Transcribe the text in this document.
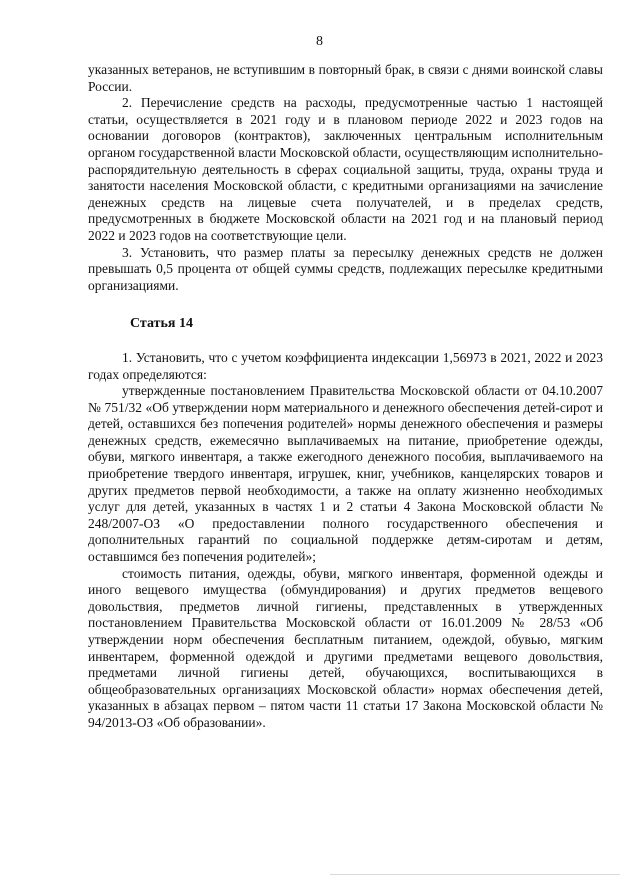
8

указанных ветеранов, не вступившим в повторный брак, в связи с днями воинской славы России.

2. Перечисление средств на расходы, предусмотренные частью 1 настоящей статьи, осуществляется в 2021 году и в плановом периоде 2022 и 2023 годов на основании договоров (контрактов), заключенных центральным исполнительным органом государственной власти Московской области, осуществляющим исполнительно-распорядительную деятельность в сферах социальной защиты, труда, охраны труда и занятости населения Московской области, с кредитными организациями на зачисление денежных средств на лицевые счета получателей, и в пределах средств, предусмотренных в бюджете Московской области на 2021 год и на плановый период 2022 и 2023 годов на соответствующие цели.

3. Установить, что размер платы за пересылку денежных средств не должен превышать 0,5 процента от общей суммы средств, подлежащих пересылке кредитными организациями.

Статья 14

1. Установить, что с учетом коэффициента индексации 1,56973 в 2021, 2022 и 2023 годах определяются:

утвержденные постановлением Правительства Московской области от 04.10.2007 № 751/32 «Об утверждении норм материального и денежного обеспечения детей-сирот и детей, оставшихся без попечения родителей» нормы денежного обеспечения и размеры денежных средств, ежемесячно выплачиваемых на питание, приобретение одежды, обуви, мягкого инвентаря, а также ежегодного денежного пособия, выплачиваемого на приобретение твердого инвентаря, игрушек, книг, учебников, канцелярских товаров и других предметов первой необходимости, а также на оплату жизненно необходимых услуг для детей, указанных в частях 1 и 2 статьи 4 Закона Московской области № 248/2007-ОЗ «О предоставлении полного государственного обеспечения и дополнительных гарантий по социальной поддержке детям-сиротам и детям, оставшимся без попечения родителей»;

стоимость питания, одежды, обуви, мягкого инвентаря, форменной одежды и иного вещевого имущества (обмундирования) и других предметов вещевого довольствия, предметов личной гигиены, представленных в утвержденных постановлением Правительства Московской области от 16.01.2009 № 28/53 «Об утверждении норм обеспечения бесплатным питанием, одеждой, обувью, мягким инвентарем, форменной одеждой и другими предметами вещевого довольствия, предметами личной гигиены детей, обучающихся, воспитывающихся в общеобразовательных организациях Московской области» нормах обеспечения детей, указанных в абзацах первом – пятом части 11 статьи 17 Закона Московской области № 94/2013-ОЗ «Об образовании».
